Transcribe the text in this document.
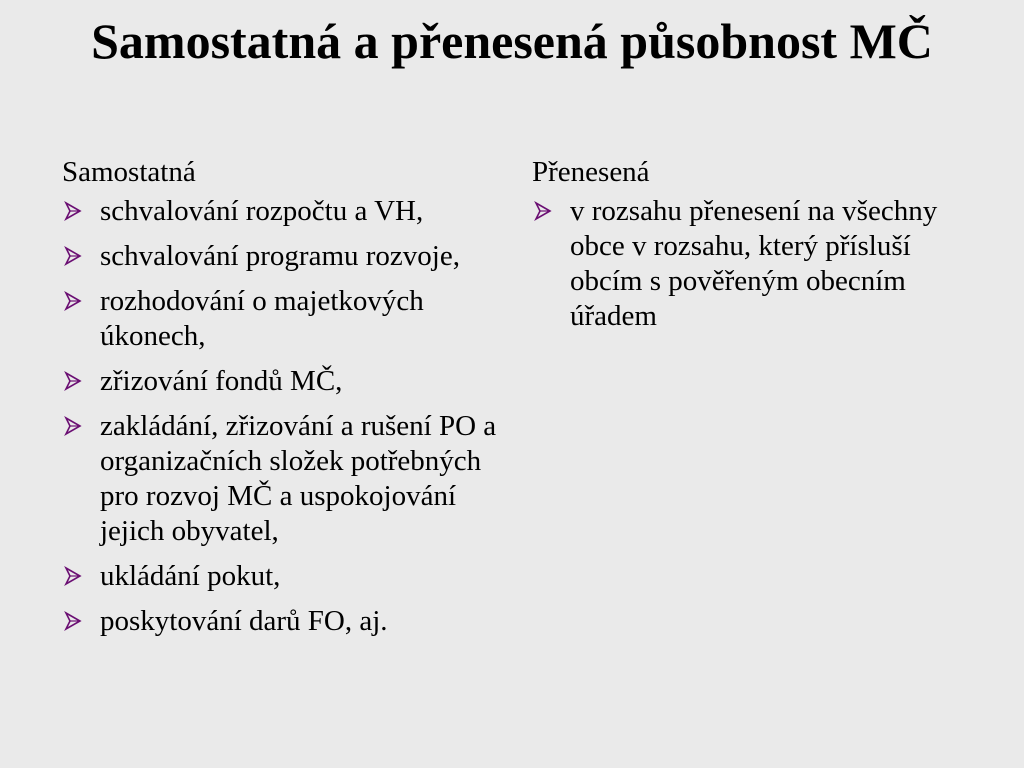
Samostatná a přenesená působnost MČ
Samostatná
schvalování rozpočtu a VH,
schvalování programu rozvoje,
rozhodování o majetkových úkonech,
zřizování fondů MČ,
zakládání, zřizování a rušení PO a organizačních složek potřebných pro rozvoj MČ a uspokojování jejich obyvatel,
ukládání pokut,
poskytování darů FO, aj.
Přenesená
v rozsahu přenesení na všechny obce v rozsahu, který přísluší obcím s pověřeným obecním úřadem
